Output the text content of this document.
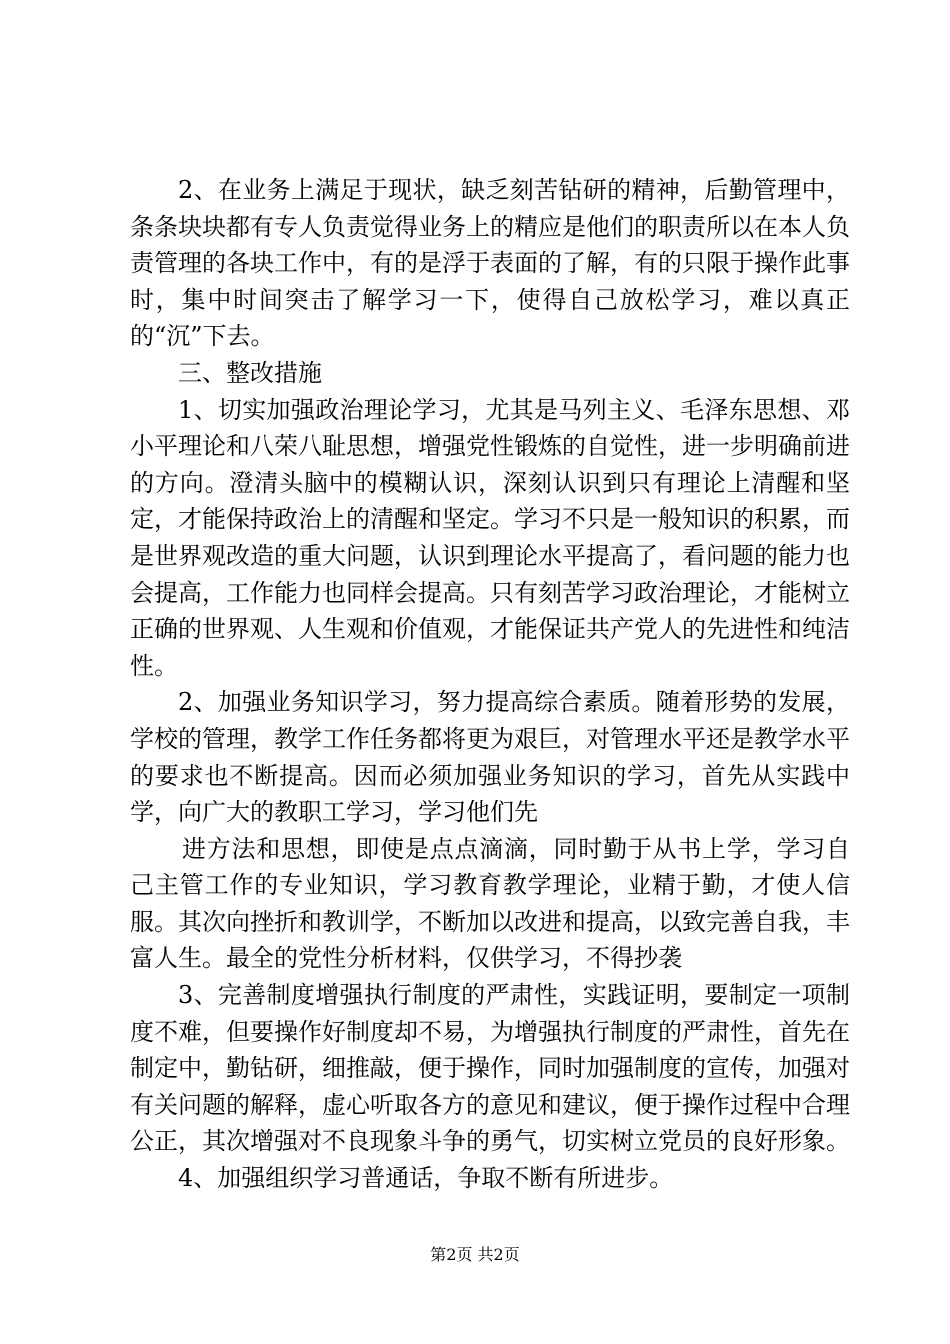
2、在业务上满足于现状，缺乏刻苦钻研的精神，后勤管理中，条条块块都有专人负责觉得业务上的精应是他们的职责所以在本人负责管理的各块工作中，有的是浮于表面的了解，有的只限于操作此事时，集中时间突击了解学习一下，使得自己放松学习，难以真正的“沉”下去。

三、整改措施

1、切实加强政治理论学习，尤其是马列主义、毛泽东思想、邓小平理论和八荣八耻思想，增强党性锻炼的自觉性，进一步明确前进的方向。澄清头脑中的模糊认识，深刻认识到只有理论上清醒和坚定，才能保持政治上的清醒和坚定。学习不只是一般知识的积累，而是世界观改造的重大问题，认识到理论水平提高了，看问题的能力也会提高，工作能力也同样会提高。只有刻苦学习政治理论，才能树立正确的世界观、人生观和价值观，才能保证共产党人的先进性和纯洁性。

2、加强业务知识学习，努力提高综合素质。随着形势的发展，学校的管理，教学工作任务都将更为艰巨，对管理水平还是教学水平的要求也不断提高。因而必须加强业务知识的学习，首先从实践中学，向广大的教职工学习，学习他们先

进方法和思想，即使是点点滴滴，同时勤于从书上学，学习自己主管工作的专业知识，学习教育教学理论，业精于勤，才使人信服。其次向挫折和教训学，不断加以改进和提高，以致完善自我，丰富人生。最全的党性分析材料，仅供学习，不得抄袭

3、完善制度增强执行制度的严肃性，实践证明，要制定一项制度不难，但要操作好制度却不易，为增强执行制度的严肃性，首先在制定中，勤钻研，细推敲，便于操作，同时加强制度的宣传，加强对有关问题的解释，虚心听取各方的意见和建议，便于操作过程中合理公正，其次增强对不良现象斗争的勇气，切实树立党员的良好形象。

4、加强组织学习普通话，争取不断有所进步。

第2页 共2页
